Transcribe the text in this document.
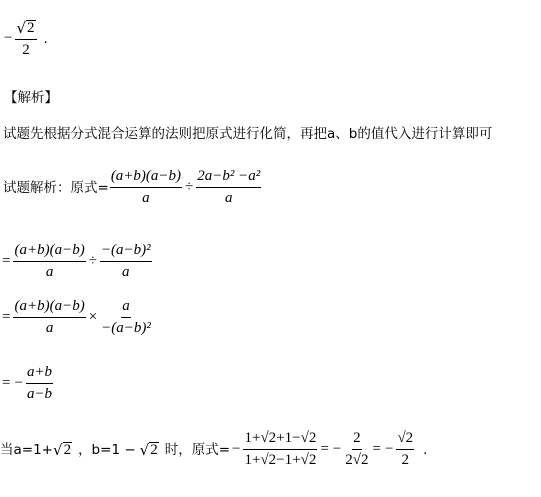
− $\frac{√ 2}{2}$ .
【解析】
试题先根据分式混合运算的法则把原式进行化简，再把a、b的值代入进行计算即可
试题解析：原式= $\frac{(a+b)(a-b)}{a} \div \frac{\text{2a−b² −a²}}{a}$
= $\frac{(a+b)(a-b)}{a} \div \frac{\text{−(a−b)²}}{a}$
= $\frac{(a+b)(a-b)}{a} \times \frac{a}{\text{−(a−b)²}}$
= − $\frac{a+b}{a-b}$
当a=1+ √ 2 ，b=1 − √ 2 时，原式= − $\frac{1+√2+1-√2}{1+√2-1+√2}$ = − $\frac{2}{2√2}$ = − $\frac{√2}{2}$ .
